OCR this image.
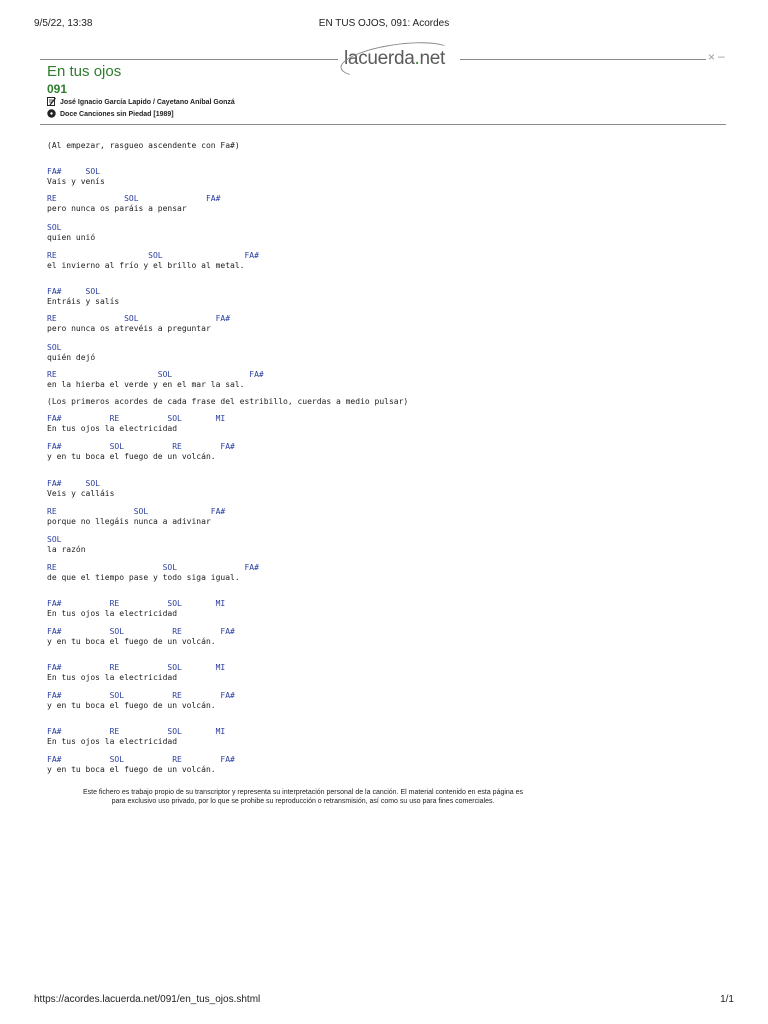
9/5/22, 13:38	EN TUS OJOS, 091: Acordes
lacuerda.net	× –
En tus ojos
091
José Ignacio García Lapido / Cayetano Aníbal Gonzá
Doce Canciones sin Piedad [1989]
(Al empezar, rasgueo ascendente con Fa#)
FA#     SOL
Vais y venís
RE              SOL              FA#
pero nunca os paráis a pensar
SOL
quien unió
RE                   SOL                 FA#
el invierno al frío y el brillo al metal.
FA#     SOL
Entráis y salís
RE              SOL                FA#
pero nunca os atrevéis a preguntar
SOL
quién dejó
RE                     SOL                FA#
en la hierba el verde y en el mar la sal.
(Los primeros acordes de cada frase del estribillo, cuerdas a medio pulsar)
FA#          RE          SOL       MI
En tus ojos la electricidad
FA#          SOL          RE        FA#
y en tu boca el fuego de un volcán.
FA#     SOL
Veis y calláis
RE                SOL             FA#
porque no llegáis nunca a adivinar
SOL
la razón
RE                      SOL              FA#
de que el tiempo pase y todo siga igual.
FA#          RE          SOL       MI
En tus ojos la electricidad
FA#          SOL          RE        FA#
y en tu boca el fuego de un volcán.
FA#          RE          SOL       MI
En tus ojos la electricidad
FA#          SOL          RE        FA#
y en tu boca el fuego de un volcán.
FA#          RE          SOL       MI
En tus ojos la electricidad
FA#          SOL          RE        FA#
y en tu boca el fuego de un volcán.
Este fichero es trabajo propio de su transcriptor y representa su interpretación personal de la canción. El material contenido en esta página es
para exclusivo uso privado, por lo que se prohibe su reproducción o retransmisión, así como su uso para fines comerciales.
https://acordes.lacuerda.net/091/en_tus_ojos.shtml	1/1
